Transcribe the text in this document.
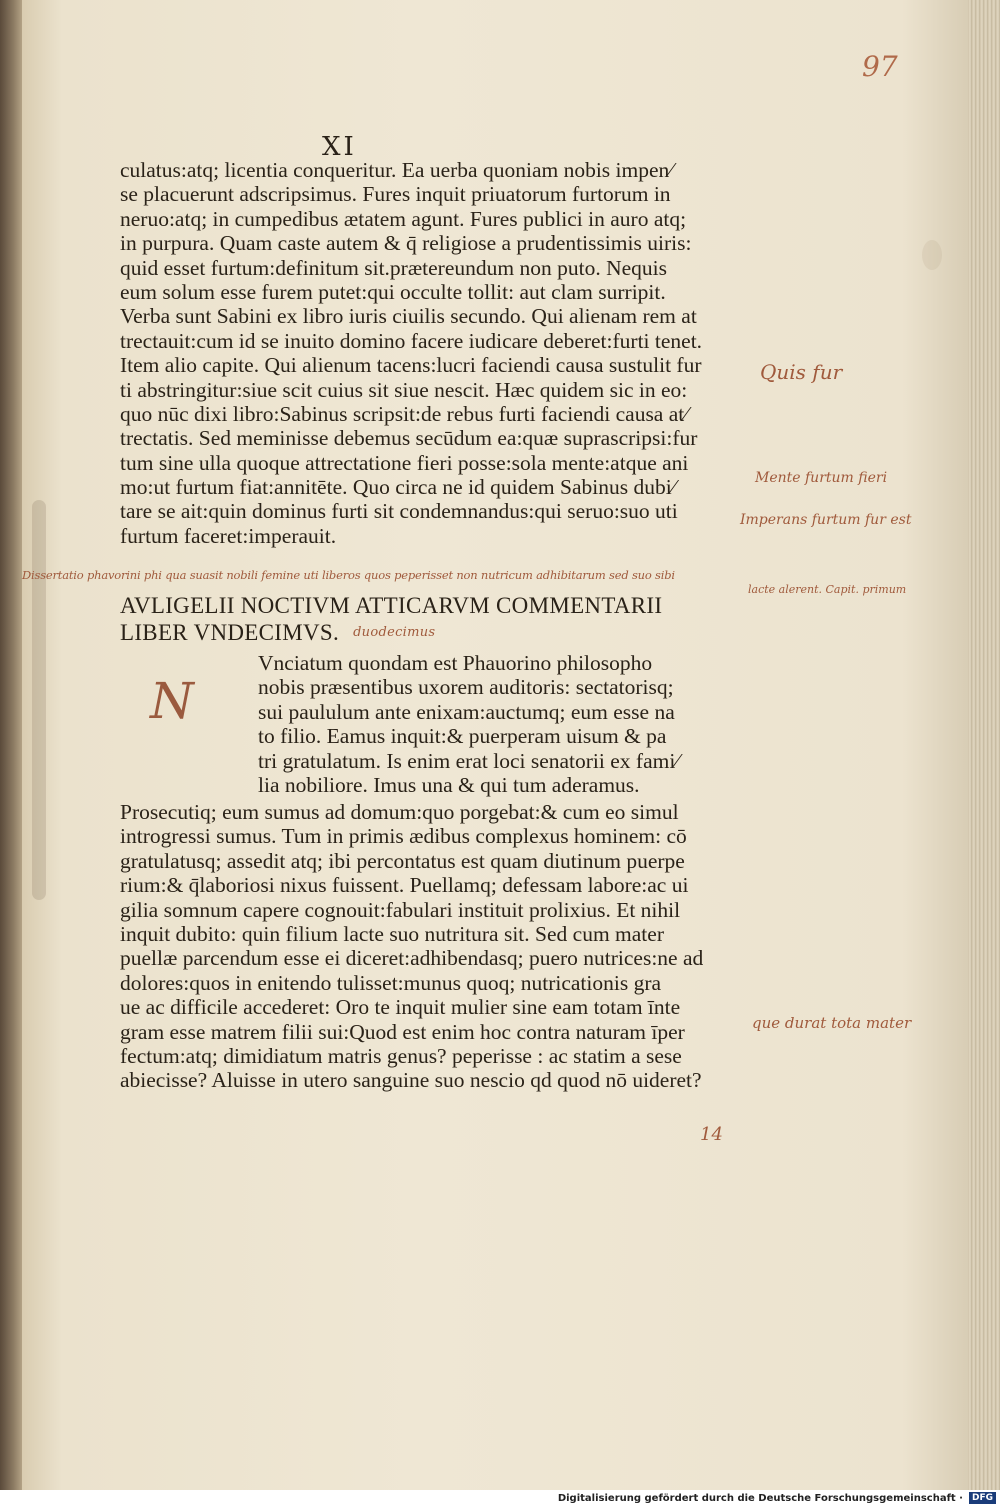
97
XI
culatus:atq; licentia conqueritur. Ea uerba quoniam nobis impen⁄
se placuerunt adscripsimus. Fures inquit priuatorum furtorum in
neruo:atq; in cumpedibus ætatem agunt. Fures publici in auro atq;
in purpura. Quam caste autem & q̄ religiose a prudentissimis uiris:
quid esset furtum:definitum sit.prætereundum non puto. Nequis
eum solum esse furem putet:qui occulte tollit: aut clam surripit.
Verba sunt Sabini ex libro iuris ciuilis secundo. Qui alienam rem at
trectauit:cum id se inuito domino facere iudicare deberet:furti tenet.
Item alio capite. Qui alienum tacens:lucri faciendi causa sustulit fur
ti abstringitur:siue scit cuius sit siue nescit. Hæc quidem sic in eo:
quo nūc dixi libro:Sabinus scripsit:de rebus furti faciendi causa at⁄
trectatis. Sed meminisse debemus secūdum ea:quæ suprascripsi:fur
tum sine ulla quoque attrectatione fieri posse:sola mente:atque ani
mo:ut furtum fiat:annitēte. Quo circa ne id quidem Sabinus dubi⁄
tare se ait:quin dominus furti sit condemnandus:qui seruo:suo uti
furtum faceret:imperauit.
Dissertatio phavorini phi qua suasit nobili femine uti liberos quos peperisset non nutricum adhibitarum sed suo sibi
lacte alerent. Capit. primum
AVLIGELII NOCTIVM ATTICARVM COMMENTARII
LIBER VNDECIMVS. duodecimus
N
Vnciatum quondam est Phauorino philosopho
nobis præsentibus uxorem auditoris: sectatorisq;
sui paululum ante enixam:auctumq; eum esse na
to filio. Eamus inquit:& puerperam uisum & pa
tri gratulatum. Is enim erat loci senatorii ex fami⁄
lia nobiliore. Imus una & qui tum aderamus.
Prosecutiq; eum sumus ad domum:quo porgebat:& cum eo simul
introgressi sumus. Tum in primis ædibus complexus hominem: cō
gratulatusq; assedit atq; ibi percontatus est quam diutinum puerpe
rium:& q̄laboriosi nixus fuissent. Puellamq; defessam labore:ac ui
gilia somnum capere cognouit:fabulari instituit prolixius. Et nihil
inquit dubito: quin filium lacte suo nutritura sit. Sed cum mater
puellæ parcendum esse ei diceret:adhibendasq; puero nutrices:ne ad
dolores:quos in enitendo tulisset:munus quoq; nutricationis gra
ue ac difficile accederet: Oro te inquit mulier sine eam totam īnte
gram esse matrem filii sui:Quod est enim hoc contra naturam īper
fectum:atq; dimidiatum matris genus? peperisse : ac statim a sese
abiecisse? Aluisse in utero sanguine suo nescio qd quod nō uideret?
Quis fur
Mente furtum fieri
Imperans furtum fur est
que durat tota mater
14
Digitalisierung gefördert durch die Deutsche Forschungsgemeinschaft ·	DFG
